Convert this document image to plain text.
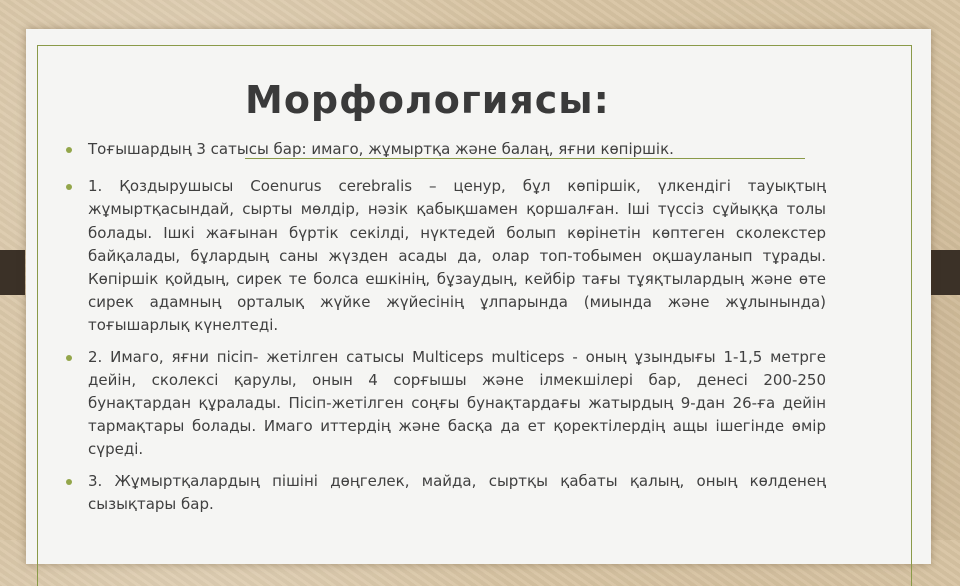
Морфологиясы:
Тоғышардың 3 сатысы бар: имаго, жұмыртқа және балаң, яғни көпіршік.
1. Қоздырушысы Coenurus cerebralis – ценур, бұл көпіршік, үлкендігі тауықтың жұмыртқасындай, сырты мөлдір, нәзік қабықшамен қоршалған. Іші түссіз сұйыққа толы болады. Ішкі жағынан бүртік секілді, нүктедей болып көрінетін көптеген сколекстер байқалады, бұлардың саны жүзден асады да, олар топ-тобымен оқшауланып тұрады. Көпіршік қойдың, сирек те болса ешкінің, бұзаудың, кейбір тағы тұяқтылардың және өте сирек адамның орталық жүйке жүйесінің ұлпарында (миында және жұлынында) тоғышарлық күнелтеді.
2. Имаго, яғни пісіп- жетілген сатысы Multiceps multiceps - оның ұзындығы 1-1,5 метрге дейін, сколексі қарулы, онын 4 сорғышы және ілмекшілері бар, денесі 200-250 бунақтардан құралады. Пісіп-жетілген соңғы бунақтардағы жатырдың 9-дан 26-ға дейін тармақтары болады. Имаго иттердің және басқа да ет қоректілердің ащы ішегінде өмір сүреді.
3. Жұмыртқалардың пішіні дөңгелек, майда, сыртқы қабаты қалың, оның көлденең сызықтары бар.
